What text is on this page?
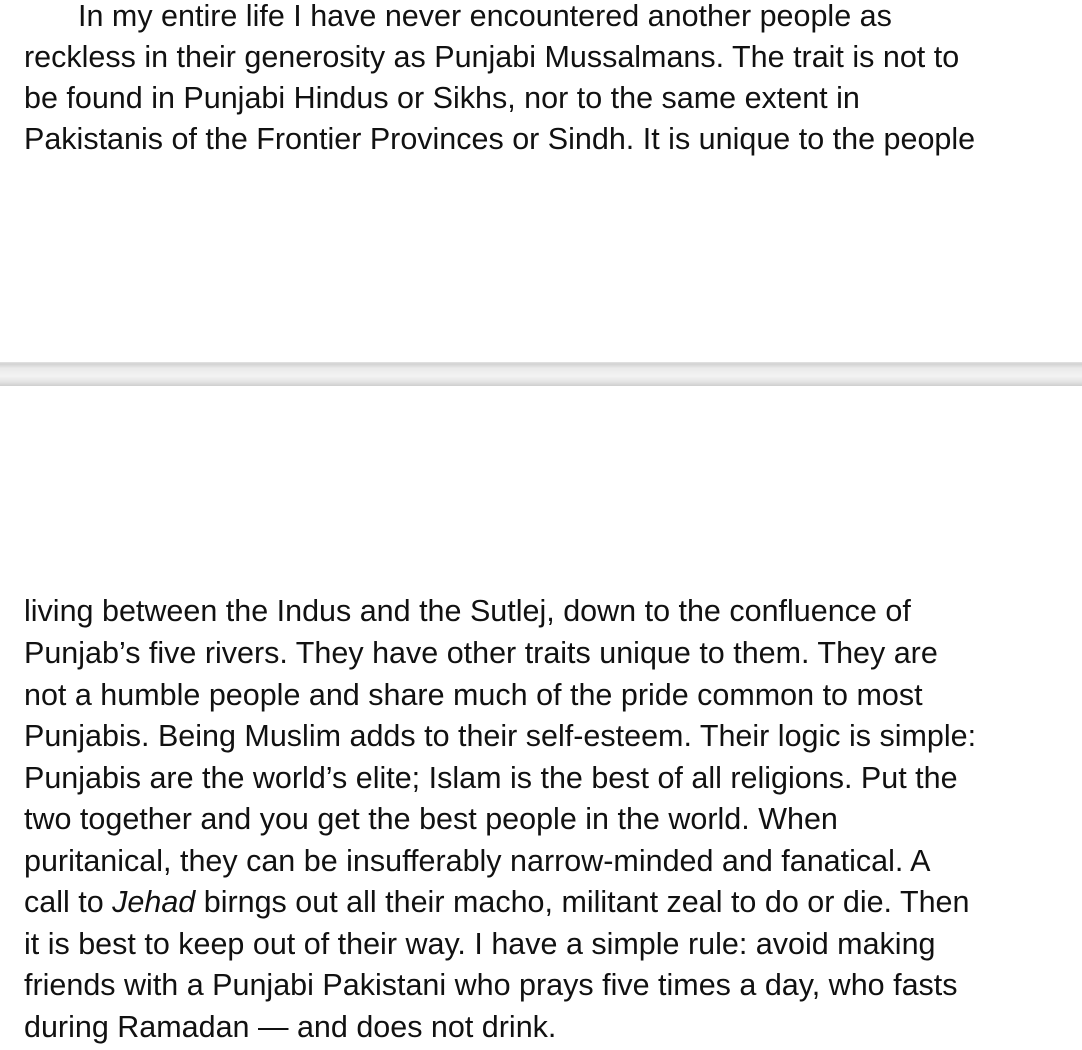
In my entire life I have never encountered another people as

reckless in their generosity as Punjabi Mussalmans. The trait is not to

be found in Punjabi Hindus or Sikhs, nor to the same extent in

Pakistanis of the Frontier Provinces or Sindh. It is unique to the people

living between the Indus and the Sutlej, down to the confluence of

Punjab’s five rivers. They have other traits unique to them. They are

not a humble people and share much of the pride common to most

Punjabis. Being Muslim adds to their self-esteem. Their logic is simple:

Punjabis are the world’s elite; Islam is the best of all religions. Put the

two together and you get the best people in the world. When

puritanical, they can be insufferably narrow-minded and fanatical. A

call to Jehad birngs out all their macho, militant zeal to do or die. Then

it is best to keep out of their way. I have a simple rule: avoid making

friends with a Punjabi Pakistani who prays five times a day, who fasts

during Ramadan — and does not drink.
